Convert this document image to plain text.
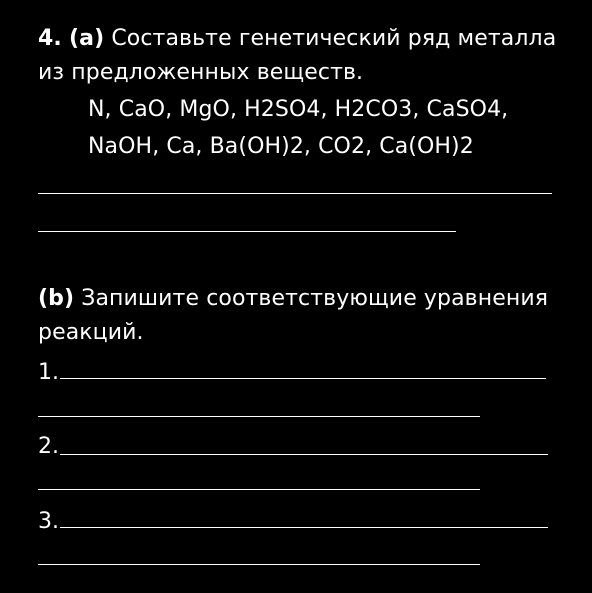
4. (a) Составьте генетический ряд металла
из предложенных веществ.
N, CaO, MgO, H2SO4, H2CO3, CaSO4,
NaOH, Ca, Ba(OH)2, CO2, Ca(OH)2
(b) Запишите соответствующие уравнения
реакций.
1.
2.
3.
